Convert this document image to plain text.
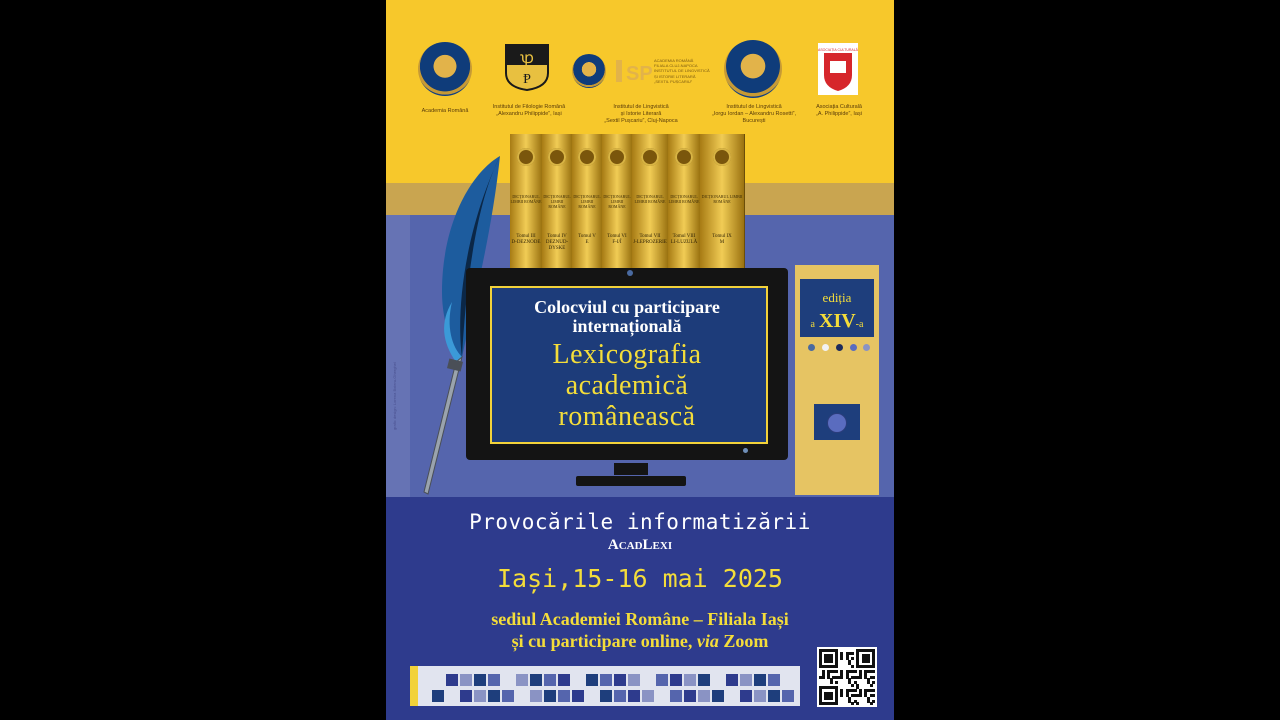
Academia Română
ꝕ
Ᵽ
Institutul de Filologie Română
„Alexandru Philippide”, Iași
SP
ACADEMIA ROMÂNĂ
FILIALA CLUJ-NAPOCA
INSTITUTUL DE LINGVISTICĂ
ȘI ISTORIE LITERARĂ
„SEXTIL PUȘCARIU”
Institutul de Lingvistică
și Istorie Literară
„Sextil Pușcariu”, Cluj-Napoca
Institutul de Lingvistică
„Iorgu Iordan – Alexandru Rosetti”,
București
ASOCIAȚIA CULTURALĂ
Asociația Culturală
„A. Philippide”, Iași
grafic design: Lorena Boieru-Gherghel
DICȚIONARUL LIMBII ROMÂNE
Tomul III
D-DEZNODE
DICȚIONARUL LIMBII ROMÂNE
Tomul IV
DEZNUD-DYSKE
DICȚIONARUL LIMBII ROMÂNE
Tomul V
E
DICȚIONARUL LIMBII ROMÂNE
Tomul VI
F-I/Î
DICȚIONARUL LIMBII ROMÂNE
Tomul VII
J-LEPROZERIE
DICȚIONARUL LIMBII ROMÂNE
Tomul VIII
LI-LUZULĂ
DICȚIONARUL LIMBII ROMÂNE
Tomul IX
M
Colocviul cu participare
internațională
Lexicografia
academică
românească
ediția
a XIV-a
Provocările informatizării
AcadLexi
Iași,15-16 mai 2025
sediul Academiei Române – Filiala Iași
și cu participare online, via Zoom
